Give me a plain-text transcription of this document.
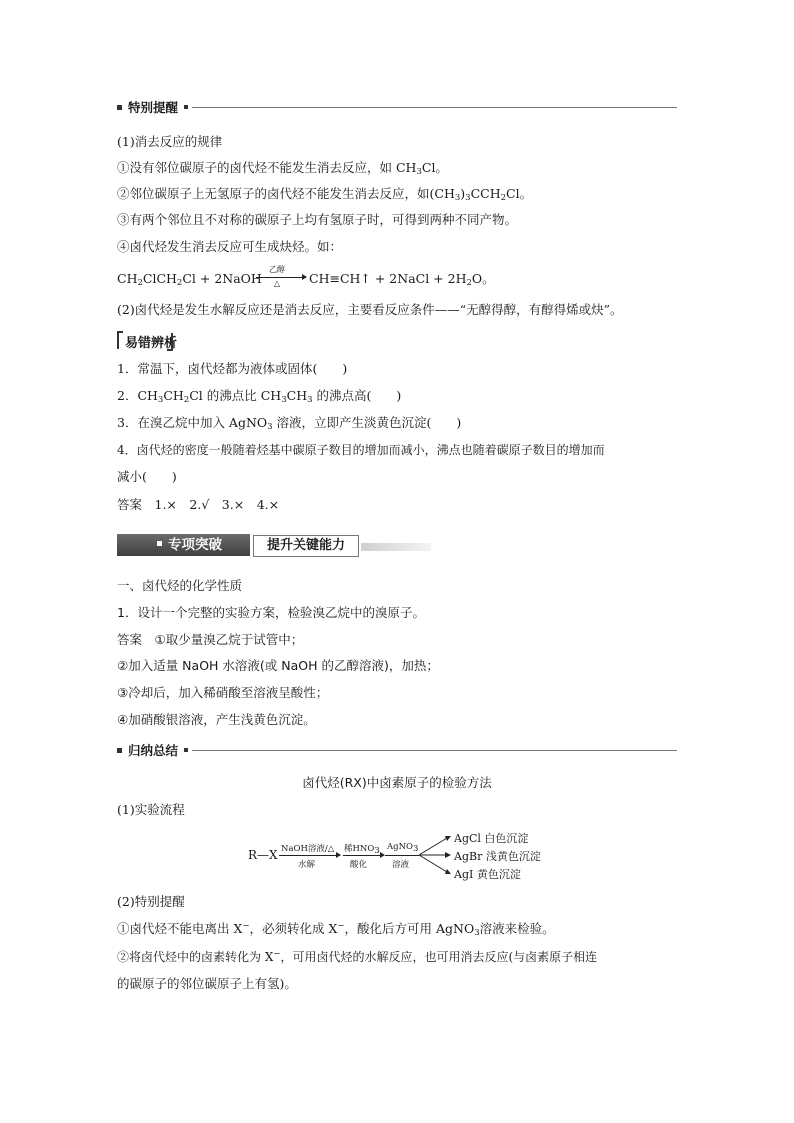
特别提醒
(1)消去反应的规律
①没有邻位碳原子的卤代烃不能发生消去反应，如 $CH_3Cl$。
②邻位碳原子上无氢原子的卤代烃不能发生消去反应，如$(CH_3)_3CCH_2Cl$。
③有两个邻位且不对称的碳原子上均有氢原子时，可得到两种不同产物。
④卤代烃发生消去反应可生成炔烃。如：
$CH_2ClCH_2Cl$ + 2NaOH
乙醇
△	CH≡CH↑ + 2NaCl + $2H_2O$。
(2)卤代烃是发生水解反应还是消去反应，主要看反应条件——“无醇得醇，有醇得烯或炔”。
易错辨析
1．常温下，卤代烃都为液体或固体(　　)
2．$CH_3CH_2Cl$ 的沸点比 $CH_3CH_3$ 的沸点高(　　)
3．在溴乙烷中加入 AgNO$_3$ 溶液，立即产生淡黄色沉淀(　　)
4．卤代烃的密度一般随着烃基中碳原子数目的增加而减小，沸点也随着碳原子数目的增加而
减小(　　)
答案　1.×　2.√　3.×　4.×
专项突破	提升关键能力
一、卤代烃的化学性质
1．设计一个完整的实验方案，检验溴乙烷中的溴原子。
答案　①取少量溴乙烷于试管中；
②加入适量 NaOH 水溶液(或 NaOH 的乙醇溶液)，加热；
③冷却后，加入稀硝酸至溶液呈酸性；
④加硝酸银溶液，产生浅黄色沉淀。
归纳总结
卤代烃(RX)中卤素原子的检验方法
(1)实验流程
R—X NaOH溶液/△
水解
稀$HNO_3$
酸化
AgNO$_3$
溶液
AgCl 白色沉淀
AgBr 浅黄色沉淀
AgI 黄色沉淀
(2)特别提醒
①卤代烃不能电离出 X−，必须转化成 X−，酸化后方可用 AgNO$_3$溶液来检验。
②将卤代烃中的卤素转化为 X−，可用卤代烃的水解反应，也可用消去反应(与卤素原子相连
的碳原子的邻位碳原子上有氢)。
